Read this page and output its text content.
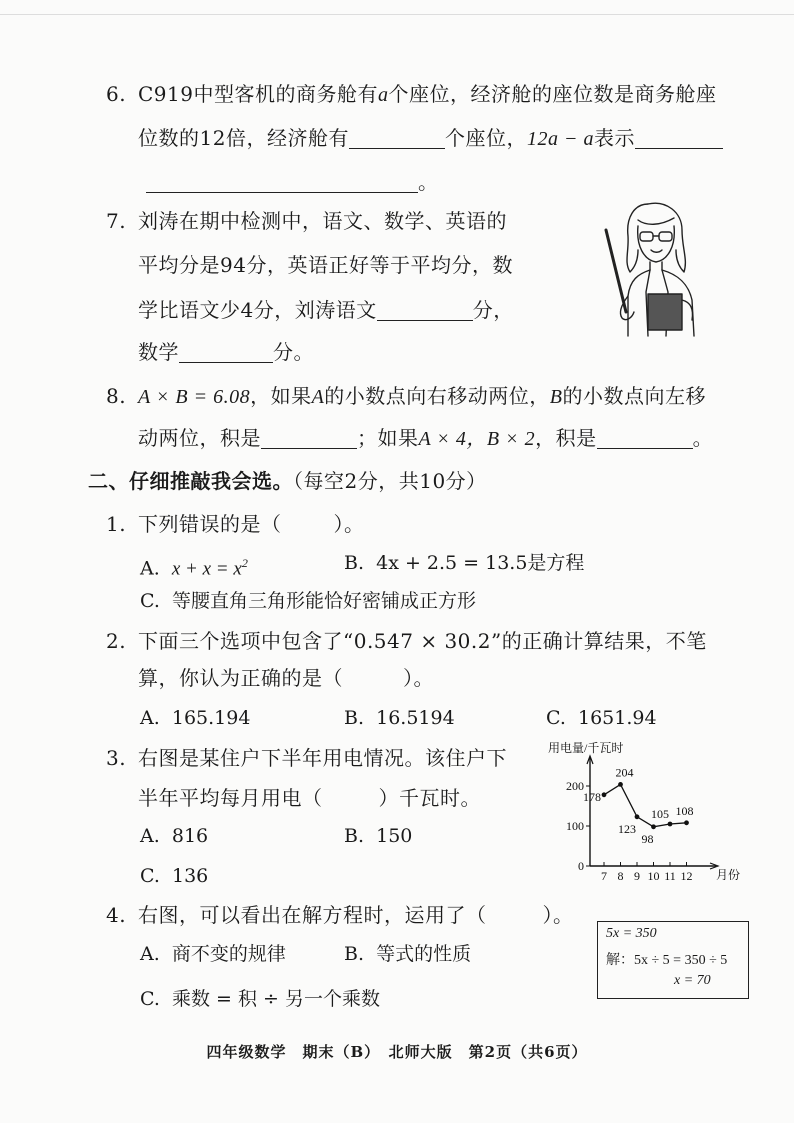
6. C919中型客机的商务舱有a个座位，经济舱的座位数是商务舱座
位数的12倍，经济舱有	个座位，12a − a表示
。
7. 刘涛在期中检测中，语文、数学、英语的
平均分是94分，英语正好等于平均分，数
学比语文少4分，刘涛语文	分，
数学	分。
8. A × B = 6.08，如果A的小数点向右移动两位，B的小数点向左移
动两位，积是	；如果A × 4，B × 2，积是	。
二、仔细推敲我会选。（每空2分，共10分）
1. 下列错误的是（	）。
A. $x + x = x^2$	B. 4x + 2.5 = 13.5是方程
C. 等腰直角三角形能恰好密铺成正方形
2. 下面三个选项中包含了“0.547 × 30.2”的正确计算结果，不笔
算，你认为正确的是（	）。
A. 165.194	B. 16.5194	C. 1651.94
3. 右图是某住户下半年用电情况。该住户下
半年平均每月用电（	）千瓦时。
A. 816	B. 150
C. 136
用电量/千瓦时
月份
0
100
200
7 8 9 10 11 12
178
204
123
98
105 108
4. 右图，可以看出在解方程时，运用了（	）。
A. 商不变的规律	B. 等式的性质
C. 乘数 = 积 ÷ 另一个乘数
5x = 350
解：5x ÷ 5 = 350 ÷ 5
x = 70
四年级数学　期末（B）　北师大版　第2页（共6页）
